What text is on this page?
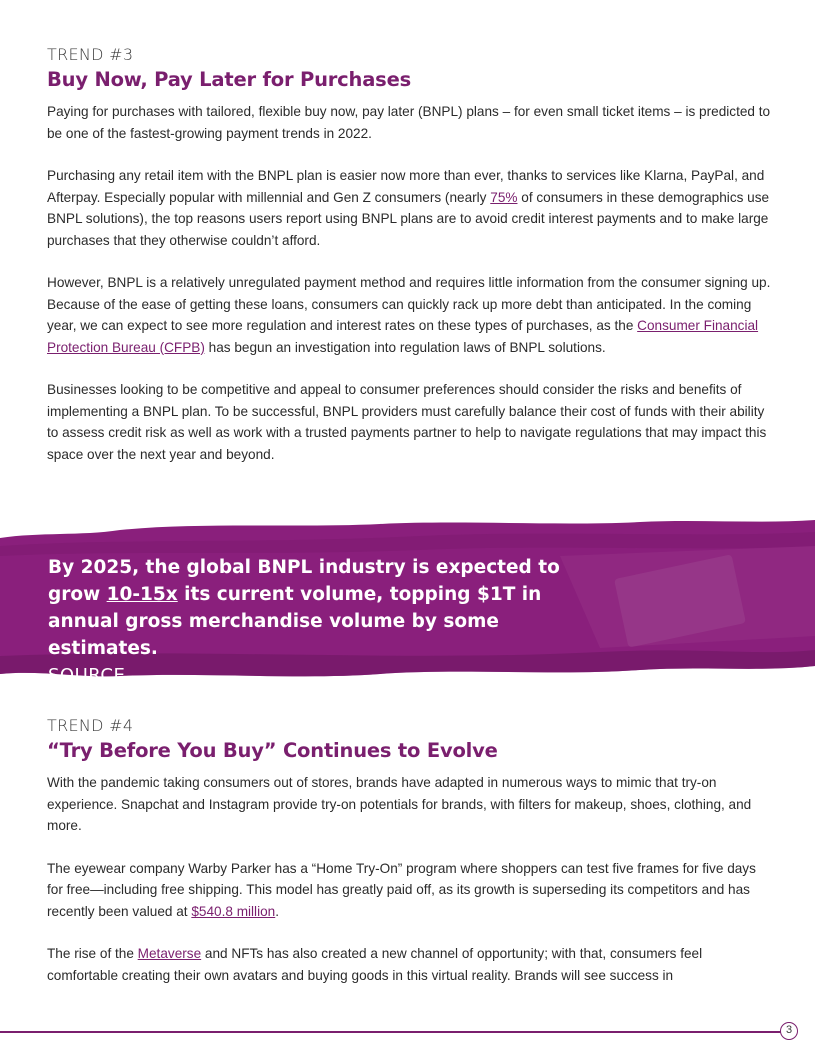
TREND #3
Buy Now, Pay Later for Purchases

Paying for purchases with tailored, flexible buy now, pay later (BNPL) plans – for even small ticket items – is predicted to be one of the fastest-growing payment trends in 2022.

Purchasing any retail item with the BNPL plan is easier now more than ever, thanks to services like Klarna, PayPal, and Afterpay. Especially popular with millennial and Gen Z consumers (nearly 75% of consumers in these demographics use BNPL solutions), the top reasons users report using BNPL plans are to avoid credit interest payments and to make large purchases that they otherwise couldn’t afford.

However, BNPL is a relatively unregulated payment method and requires little information from the consumer signing up. Because of the ease of getting these loans, consumers can quickly rack up more debt than anticipated. In the coming year, we can expect to see more regulation and interest rates on these types of purchases, as the Consumer Financial Protection Bureau (CFPB) has begun an investigation into regulation laws of BNPL solutions.

Businesses looking to be competitive and appeal to consumer preferences should consider the risks and benefits of implementing a BNPL plan. To be successful, BNPL providers must carefully balance their cost of funds with their ability to assess credit risk as well as work with a trusted payments partner to help to navigate regulations that may impact this space over the next year and beyond.

By 2025, the global BNPL industry is expected to grow 10-15x its current volume, topping $1T in annual gross merchandise volume by some estimates.
SOURCE
TREND #4
“Try Before You Buy” Continues to Evolve

With the pandemic taking consumers out of stores, brands have adapted in numerous ways to mimic that try-on experience. Snapchat and Instagram provide try-on potentials for brands, with filters for makeup, shoes, clothing, and more.

The eyewear company Warby Parker has a “Home Try-On” program where shoppers can test five frames for five days for free—including free shipping. This model has greatly paid off, as its growth is superseding its competitors and has recently been valued at $540.8 million.

The rise of the Metaverse and NFTs has also created a new channel of opportunity; with that, consumers feel comfortable creating their own avatars and buying goods in this virtual reality. Brands will see success in

3
